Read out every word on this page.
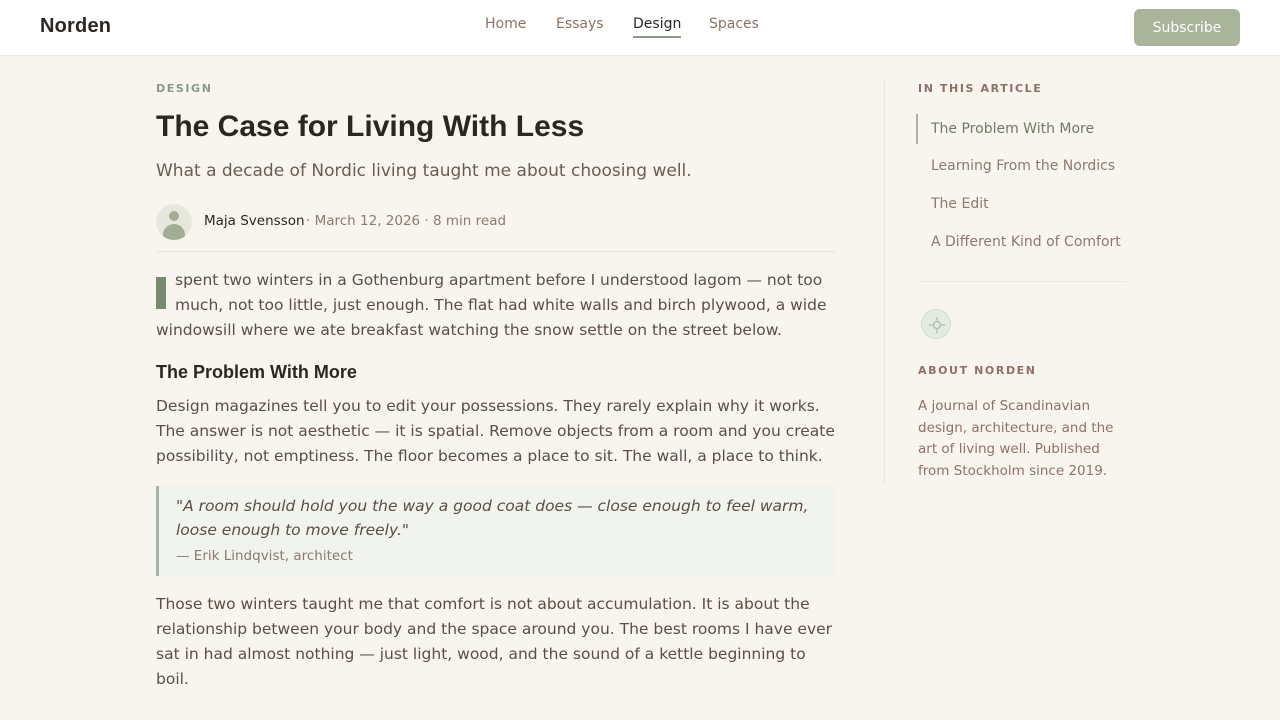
Norden	Home Essays Design Spaces	Subscribe
DESIGN
The Case for Living With Less

What a decade of Nordic living taught me about choosing well.

Maja Svensson · March 12, 2026 · 8 min read
spent two winters in a Gothenburg apartment before I understood lagom — not too
much, not too little, just enough. The flat had white walls and birch plywood, a wide
windowsill where we ate breakfast watching the snow settle on the street below.
The Problem With More

Design magazines tell you to edit your possessions. They rarely explain why it works. The answer is not aesthetic — it is spatial. Remove objects from a room and you create possibility, not emptiness. The floor becomes a place to sit. The wall, a place to think.

"A room should hold you the way a good coat does — close enough to feel warm, loose enough to move freely."
— Erik Lindqvist, architect

Those two winters taught me that comfort is not about accumulation. It is about the relationship between your body and the space around you. The best rooms I have ever sat in had almost nothing — just light, wood, and the sound of a kettle beginning to boil.

IN THIS ARTICLE
The Problem With More
Learning From the Nordics
The Edit
A Different Kind of Comfort
ABOUT NORDEN

A journal of Scandinavian design, architecture, and the art of living well. Published from Stockholm since 2019.
